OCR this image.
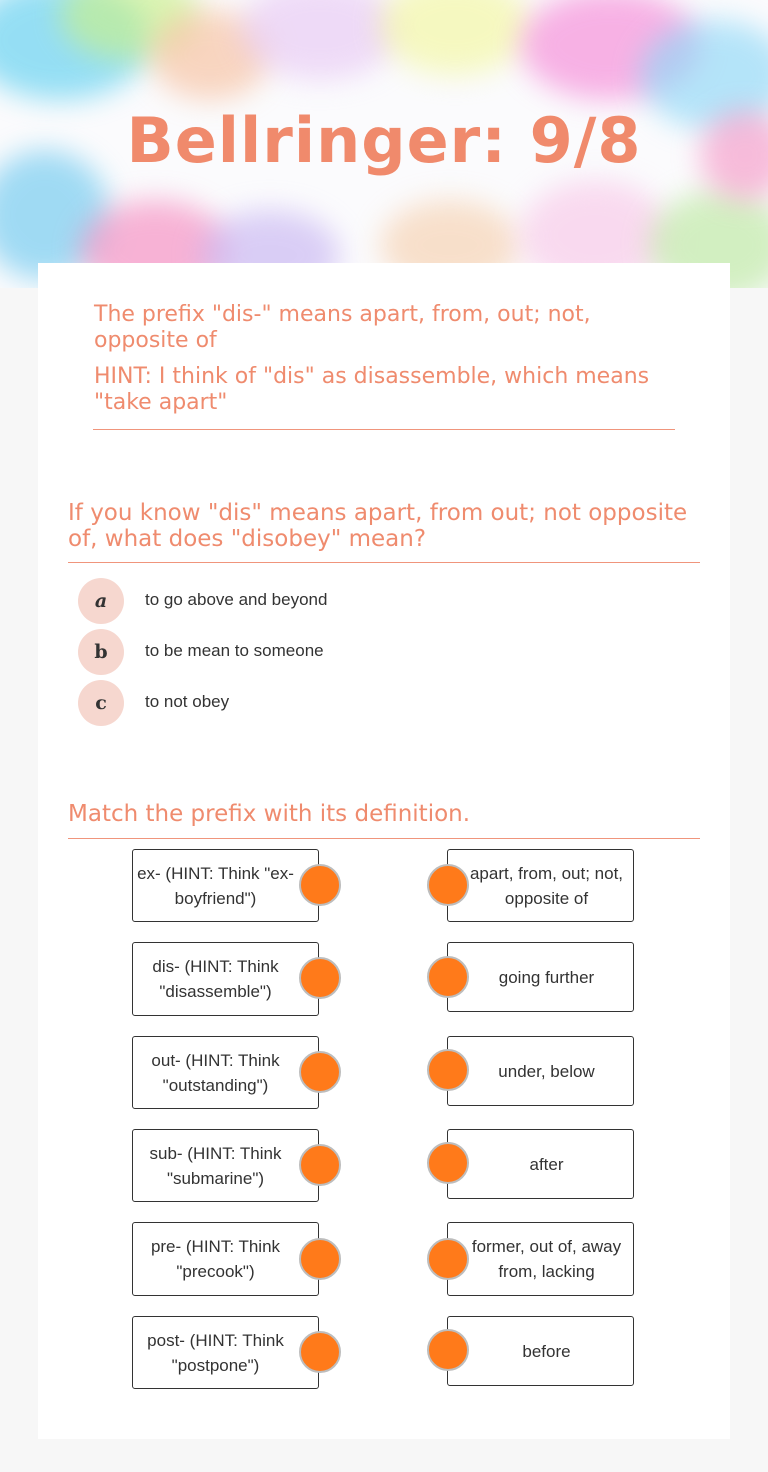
Bellringer: 9/8

The prefix "dis-" means apart, from, out; not, opposite of

HINT: I think of "dis" as disassemble, which means "take apart"

If you know "dis" means apart, from out; not opposite of, what does "disobey" mean?
a	to go above and beyond
b	to be mean to someone
c	to not obey
Match the prefix with its definition.
ex- (HINT: Think "ex-boyfriend")
dis- (HINT: Think "disassemble")
out- (HINT: Think "outstanding")
sub- (HINT: Think "submarine")
pre- (HINT: Think "precook")
post- (HINT: Think "postpone")
apart, from, out; not, opposite of
going further
under, below
after
former, out of, away from, lacking
before
